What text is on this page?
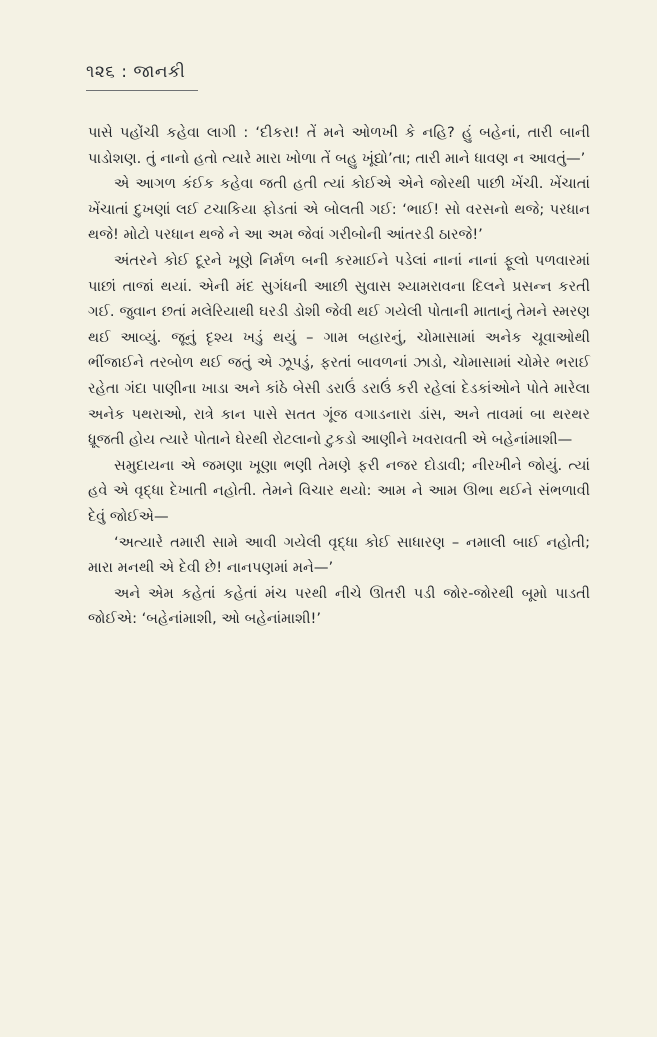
૧૨૬ : જાનકી

પાસે પહોંચી કહેવા લાગી : ‘દીકરા! તેં મને ઓળખી કે નહિ? હું બહેનાં, તારી બાની પાડોશણ. તું નાનો હતો ત્યારે મારા ખોળા તેં બહુ ખૂંદ્યો’તા; તારી માને ધાવણ ન આવતું—’

એ આગળ કંઈક કહેવા જતી હતી ત્યાં કોઈએ એને જોરથી પાછી ખેંચી. ખેંચાતાં ખેંચાતાં દુખણાં લઈ ટચાકિયા ફોડતાં એ બોલતી ગઈ: ‘ભાઈ! સો વરસનો થજે; પરધાન થજે! મોટો પરધાન થજે ને આ અમ જેવાં ગરીબોની આંતરડી ઠારજે!’

અંતરને કોઈ દૂરને ખૂણે નિર્મળ બની કરમાઈને પડેલાં નાનાં નાનાં ફૂલો પળવારમાં પાછાં તાજાં થયાં. એની મંદ સુગંધની આછી સુવાસ શ્યામરાવના દિલને પ્રસન્ન કરતી ગઈ. જુવાન છતાં મલેરિયાથી ઘરડી ડોશી જેવી થઈ ગયેલી પોતાની માતાનું તેમને સ્મરણ થઈ આવ્યું. જૂનું દૃશ્ય ખડું થયું – ગામ બહારનું, ચોમાસામાં અનેક ચૂવાઓથી ભીંજાઈને તરબોળ થઈ જતું એ ઝૂપડું, ફરતાં બાવળનાં ઝાડો, ચોમાસામાં ચોમેર ભરાઈ રહેતા ગંદા પાણીના ખાડા અને કાંઠે બેસી ડરાઉં ડરાઉં કરી રહેલાં દેડકાંઓને પોતે મારેલા અનેક પથરાઓ, રાત્રે કાન પાસે સતત ગૂંજ વગાડનારા ડાંસ, અને તાવમાં બા થરથર ધ્રૂજતી હોય ત્યારે પોતાને ઘેરથી રોટલાનો ટુકડો આણીને ખવરાવતી એ બહેનાંમાશી—

સમુદાયના એ જમણા ખૂણા ભણી તેમણે ફરી નજર દોડાવી; નીરખીને જોયું. ત્યાં હવે એ વૃદ્ધા દેખાતી નહોતી. તેમને વિચાર થયો: આમ ને આમ ઊભા થઈને સંભળાવી દેવું જોઈએ—

‘અત્યારે તમારી સામે આવી ગયેલી વૃદ્ધા કોઈ સાધારણ – નમાલી બાઈ નહોતી; મારા મનથી એ દેવી છે! નાનપણમાં મને—’

અને એમ કહેતાં કહેતાં મંચ પરથી નીચે ઊતરી પડી જોર-જોરથી બૂમો પાડતી જોઈએ: ‘બહેનાંમાશી, ઓ બહેનાંમાશી!’
